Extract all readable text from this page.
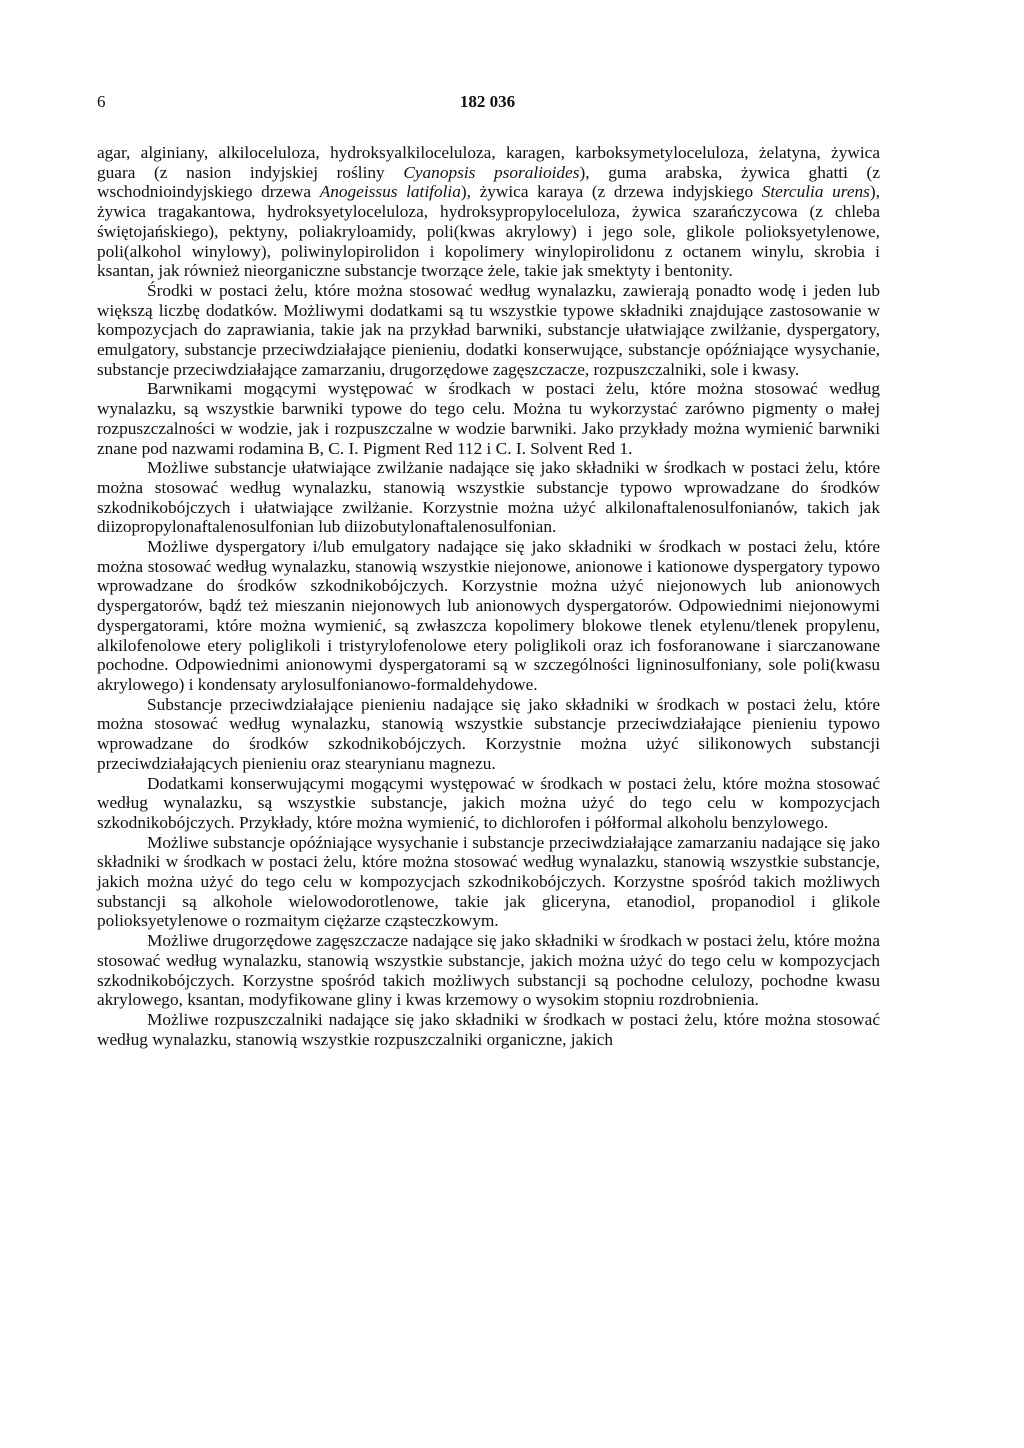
6	182 036

agar, alginiany, alkiloceluloza, hydroksyalkiloceluloza, karagen, karboksymetyloceluloza, żelatyna, żywica guara (z nasion indyjskiej rośliny Cyanopsis psoralioides), guma arabska, żywica ghatti (z wschodnioindyjskiego drzewa Anogeissus latifolia), żywica karaya (z drzewa indyjskiego Sterculia urens), żywica tragakantowa, hydroksyetyloceluloza, hydroksypropyloceluloza, żywica szarańczycowa (z chleba świętojańskiego), pektyny, poliakryloamidy, poli(kwas akrylowy) i jego sole, glikole polioksyetylenowe, poli(alkohol winylowy), poliwinylopirolidon i kopolimery winylopirolidonu z octanem winylu, skrobia i ksantan, jak również nieorganiczne substancje tworzące żele, takie jak smektyty i bentonity.

Środki w postaci żelu, które można stosować według wynalazku, zawierają ponadto wodę i jeden lub większą liczbę dodatków. Możliwymi dodatkami są tu wszystkie typowe składniki znajdujące zastosowanie w kompozycjach do zaprawiania, takie jak na przykład barwniki, substancje ułatwiające zwilżanie, dyspergatory, emulgatory, substancje przeciwdziałające pienieniu, dodatki konserwujące, substancje opóźniające wysychanie, substancje przeciwdziałające zamarzaniu, drugorzędowe zagęszczacze, rozpuszczalniki, sole i kwasy.

Barwnikami mogącymi występować w środkach w postaci żelu, które można stosować według wynalazku, są wszystkie barwniki typowe do tego celu. Można tu wykorzystać zarówno pigmenty o małej rozpuszczalności w wodzie, jak i rozpuszczalne w wodzie barwniki. Jako przykłady można wymienić barwniki znane pod nazwami rodamina B, C. I. Pigment Red 112 i C. I. Solvent Red 1.

Możliwe substancje ułatwiające zwilżanie nadające się jako składniki w środkach w postaci żelu, które można stosować według wynalazku, stanowią wszystkie substancje typowo wprowadzane do środków szkodnikobójczych i ułatwiające zwilżanie. Korzystnie można użyć alkilonaftalenosulfonianów, takich jak diizopropylonaftalenosulfonian lub diizobutylonaftalenosulfonian.

Możliwe dyspergatory i/lub emulgatory nadające się jako składniki w środkach w postaci żelu, które można stosować według wynalazku, stanowią wszystkie niejonowe, anionowe i kationowe dyspergatory typowo wprowadzane do środków szkodnikobójczych. Korzystnie można użyć niejonowych lub anionowych dyspergatorów, bądź też mieszanin niejonowych lub anionowych dyspergatorów. Odpowiednimi niejonowymi dyspergatorami, które można wymienić, są zwłaszcza kopolimery blokowe tlenek etylenu/tlenek propylenu, alkilofenolowe etery poliglikoli i tristyrylofenolowe etery poliglikoli oraz ich fosforanowane i siarczanowane pochodne. Odpowiednimi anionowymi dyspergatorami są w szczególności ligninosulfoniany, sole poli(kwasu akrylowego) i kondensaty arylosulfonianowo-formaldehydowe.

Substancje przeciwdziałające pienieniu nadające się jako składniki w środkach w postaci żelu, które można stosować według wynalazku, stanowią wszystkie substancje przeciwdziałające pienieniu typowo wprowadzane do środków szkodnikobójczych. Korzystnie można użyć silikonowych substancji przeciwdziałających pienieniu oraz stearynianu magnezu.

Dodatkami konserwującymi mogącymi występować w środkach w postaci żelu, które można stosować według wynalazku, są wszystkie substancje, jakich można użyć do tego celu w kompozycjach szkodnikobójczych. Przykłady, które można wymienić, to dichlorofen i półformal alkoholu benzylowego.

Możliwe substancje opóźniające wysychanie i substancje przeciwdziałające zamarzaniu nadające się jako składniki w środkach w postaci żelu, które można stosować według wynalazku, stanowią wszystkie substancje, jakich można użyć do tego celu w kompozycjach szkodnikobójczych. Korzystne spośród takich możliwych substancji są alkohole wielowodorotlenowe, takie jak gliceryna, etanodiol, propanodiol i glikole polioksyetylenowe o rozmaitym ciężarze cząsteczkowym.

Możliwe drugorzędowe zagęszczacze nadające się jako składniki w środkach w postaci żelu, które można stosować według wynalazku, stanowią wszystkie substancje, jakich można użyć do tego celu w kompozycjach szkodnikobójczych. Korzystne spośród takich możliwych substancji są pochodne celulozy, pochodne kwasu akrylowego, ksantan, modyfikowane gliny i kwas krzemowy o wysokim stopniu rozdrobnienia.

Możliwe rozpuszczalniki nadające się jako składniki w środkach w postaci żelu, które można stosować według wynalazku, stanowią wszystkie rozpuszczalniki organiczne, jakich
